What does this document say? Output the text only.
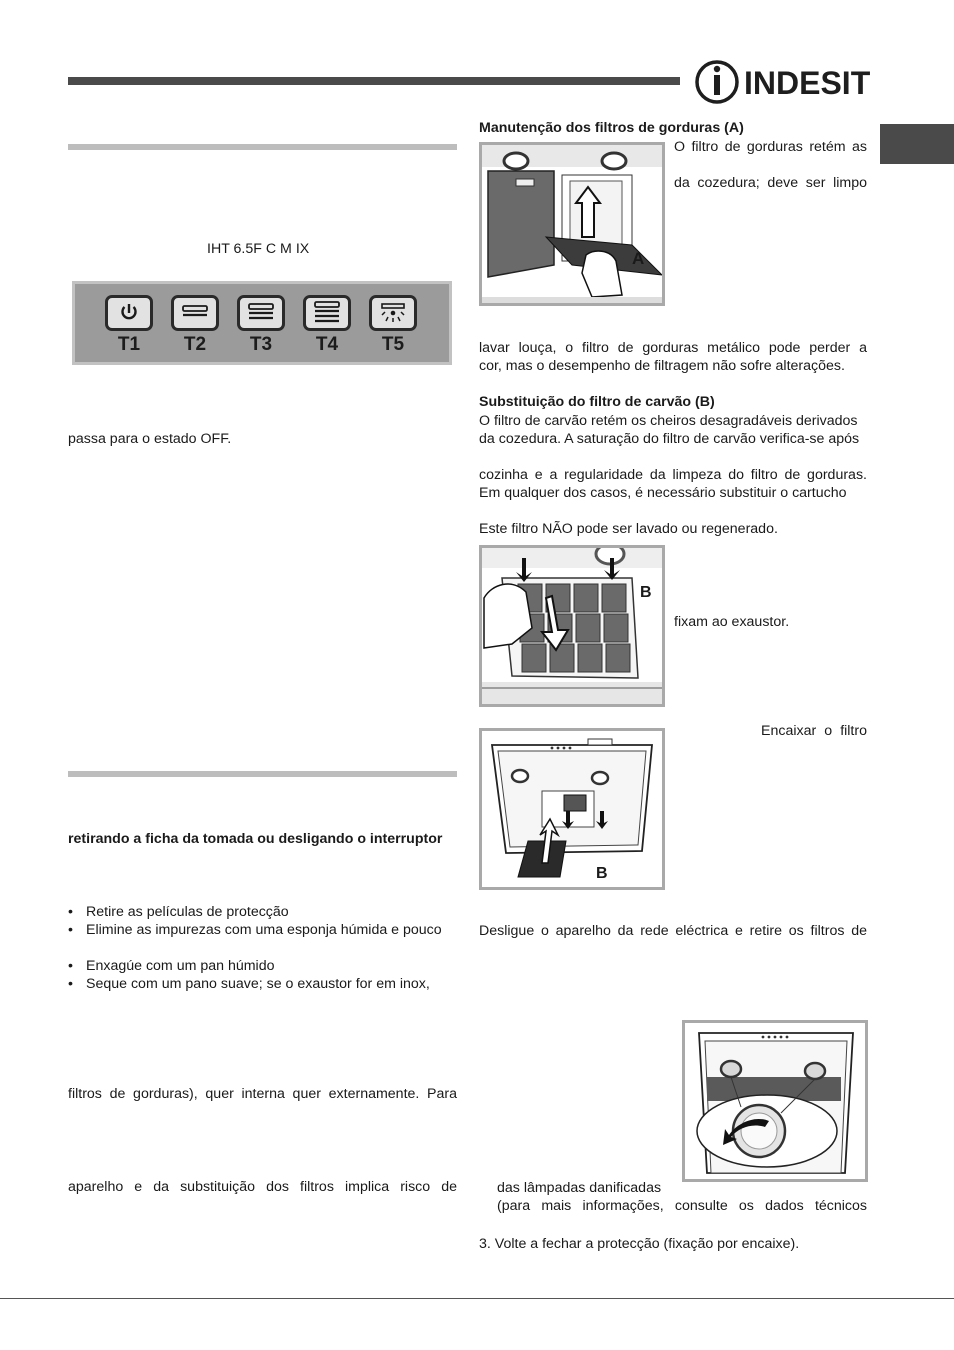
INDESIT
IHT 6.5F C M IX
T1	T2	T3	T4	T5
passa para o estado OFF.
retirando a ficha da tomada ou desligando o interruptor
• Retire as películas de protecção
• Elimine as impurezas com uma esponja húmida e pouco
• Enxagúe com um pan húmido
• Seque com um pano suave; se o exaustor for em inox,
filtros de gorduras), quer interna quer externamente. Para
aparelho e da substituição dos filtros implica risco de
Manutenção dos filtros de gorduras (A)
A
O filtro de gorduras retém as
da cozedura; deve ser limpo
lavar louça, o filtro de gorduras metálico pode perder a
cor, mas o desempenho de filtragem não sofre alterações.
Substituição do filtro de carvão (B)
O filtro de carvão retém os cheiros desagradáveis derivados
da cozedura. A saturação do filtro de carvão verifica-se após
cozinha e a regularidade da limpeza do filtro de gorduras.
Em qualquer dos casos, é necessário substituir o cartucho
Este filtro NÃO pode ser lavado ou regenerado.
B
fixam ao exaustor.
Encaixar o filtro
B
Desligue o aparelho da rede eléctrica e retire os filtros de
das lâmpadas danificadas
(para mais informações, consulte os dados técnicos
3. Volte a fechar a protecção (fixação por encaixe).
